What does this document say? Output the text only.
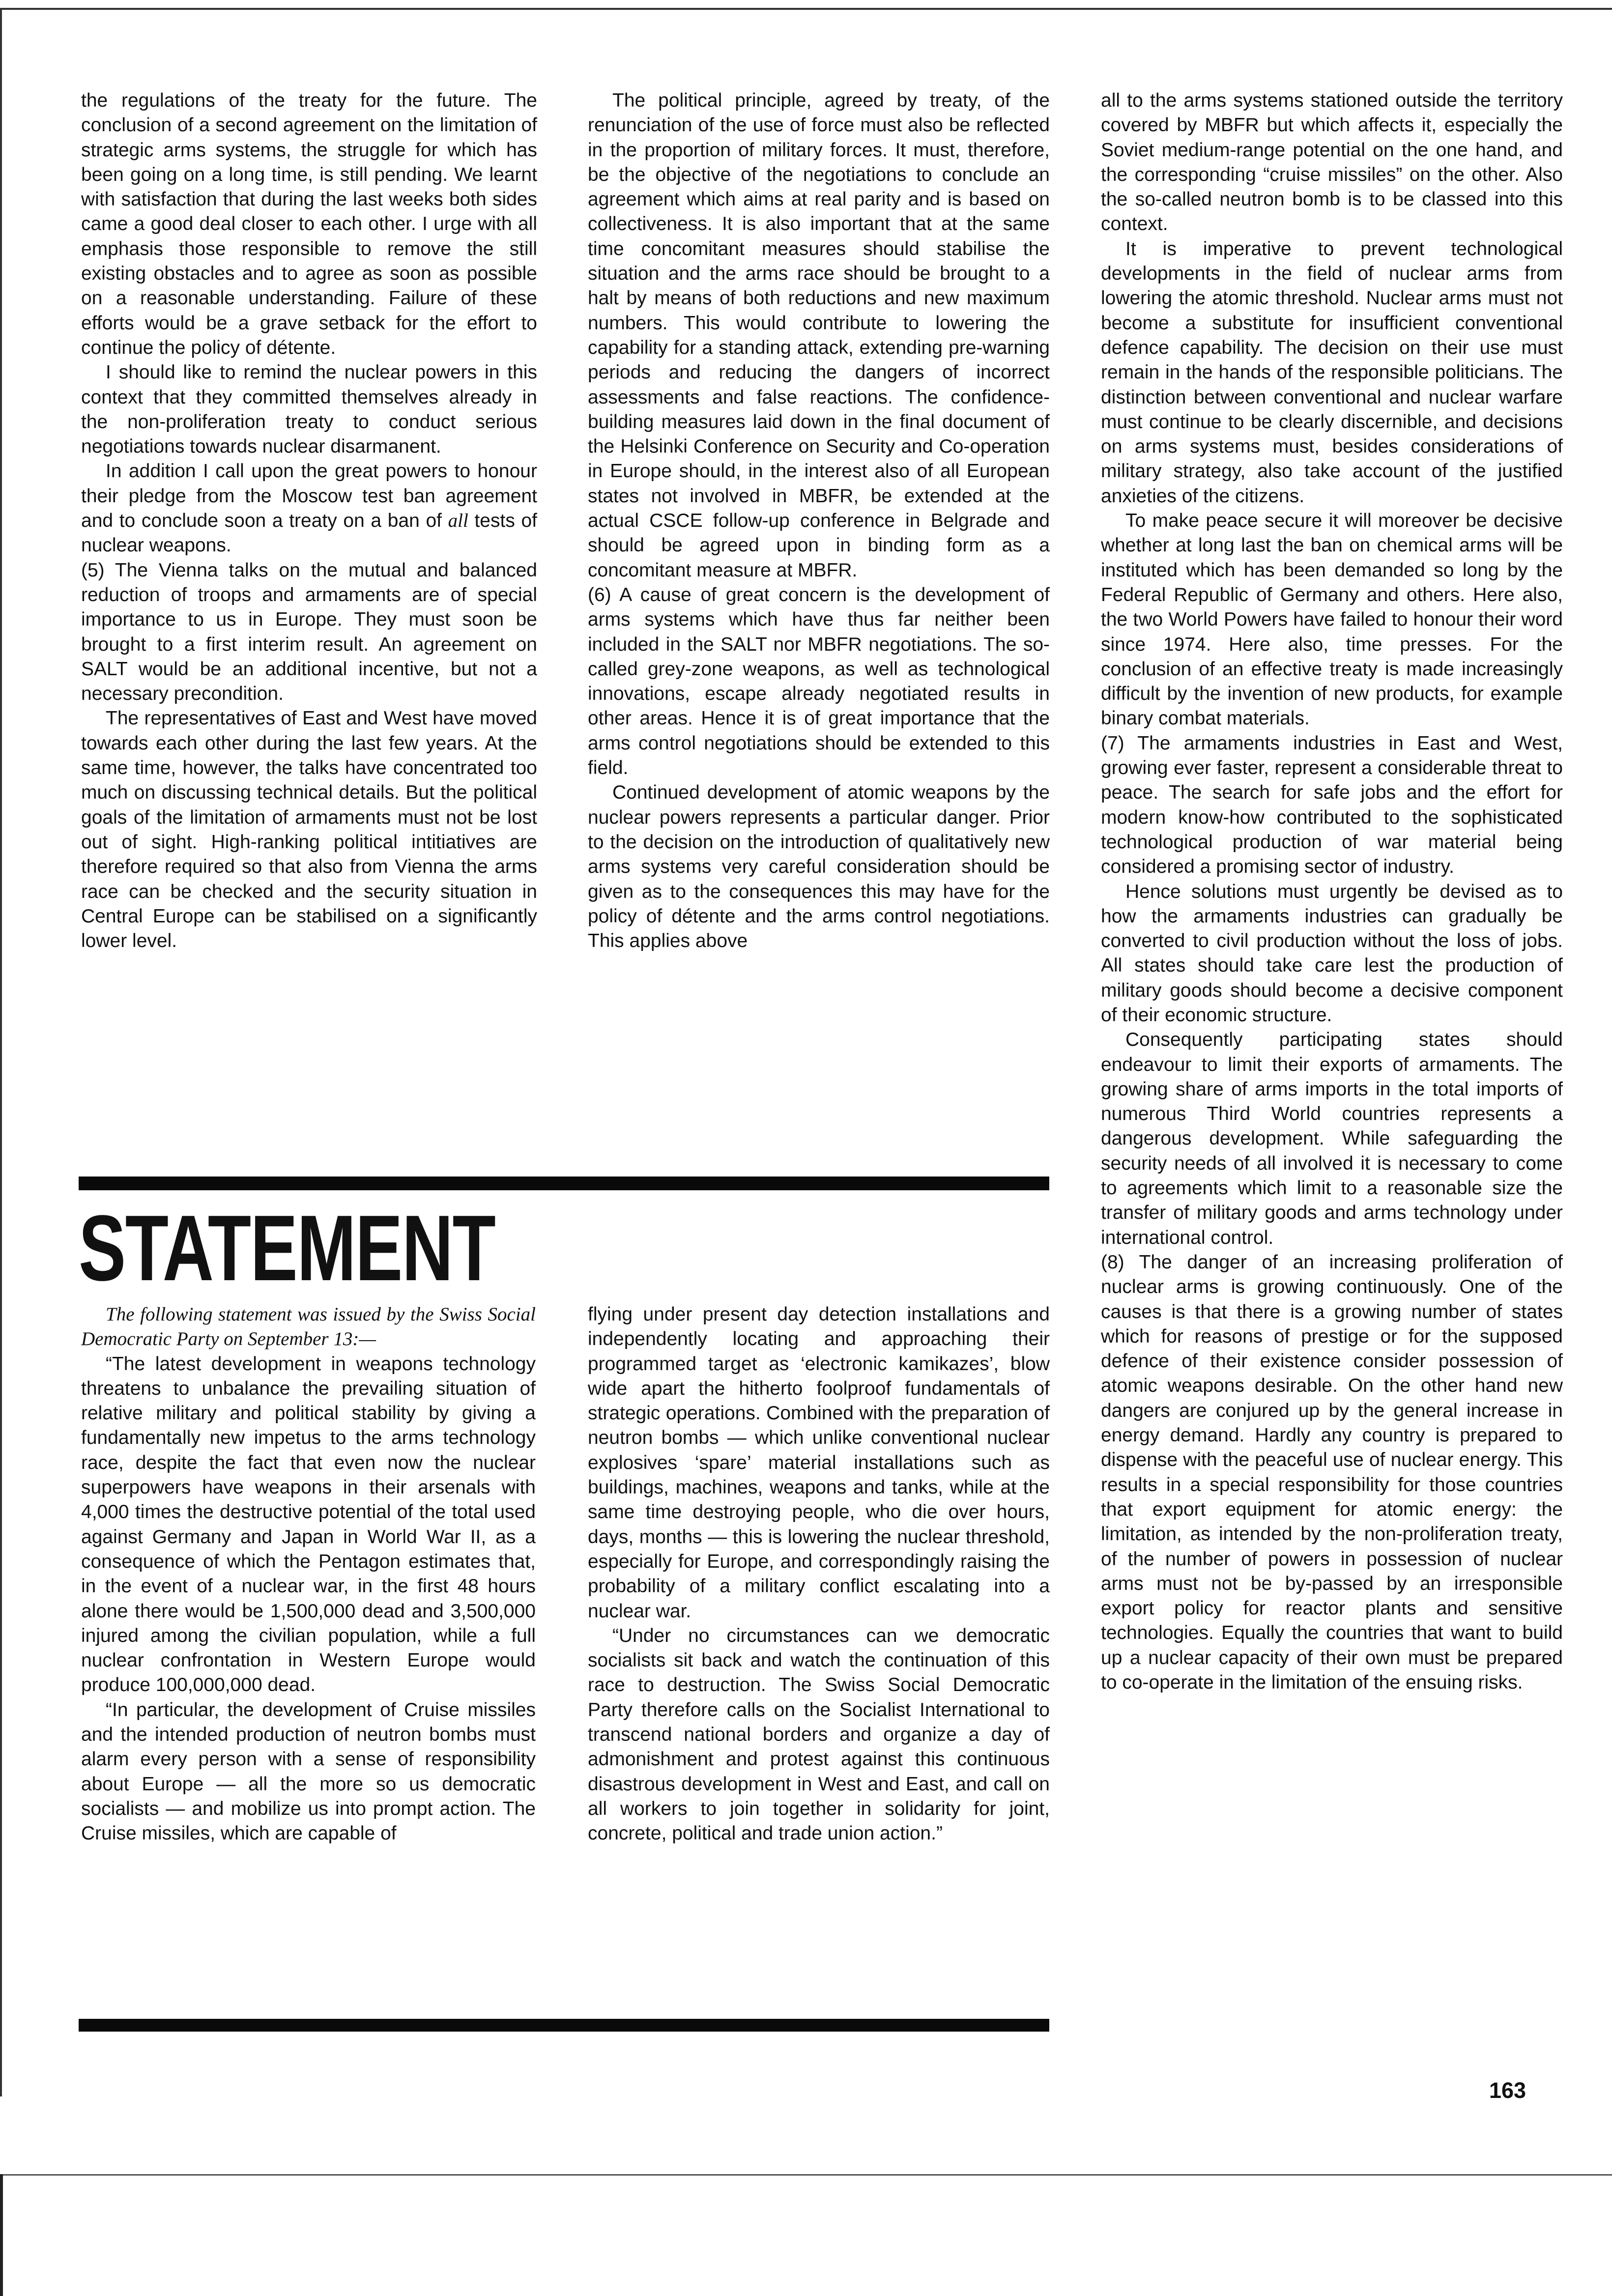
the regulations of the treaty for the future. The conclusion of a second agreement on the limitation of strategic arms systems, the struggle for which has been going on a long time, is still pending. We learnt with satisfaction that during the last weeks both sides came a good deal closer to each other. I urge with all emphasis those responsible to remove the still existing obstacles and to agree as soon as possible on a reasonable understanding. Failure of these efforts would be a grave setback for the effort to continue the policy of détente.

I should like to remind the nuclear powers in this context that they committed themselves already in the non-proliferation treaty to conduct serious negotiations towards nuclear disarmanent.

In addition I call upon the great powers to honour their pledge from the Moscow test ban agreement and to conclude soon a treaty on a ban of all tests of nuclear weapons.

(5) The Vienna talks on the mutual and balanced reduction of troops and armaments are of special importance to us in Europe. They must soon be brought to a first interim result. An agreement on SALT would be an additional incentive, but not a necessary precondition.

The representatives of East and West have moved towards each other during the last few years. At the same time, however, the talks have concentrated too much on discussing technical details. But the political goals of the limitation of armaments must not be lost out of sight. High-ranking political intitiatives are therefore required so that also from Vienna the arms race can be checked and the security situation in Central Europe can be stabilised on a significantly lower level.

The political principle, agreed by treaty, of the renunciation of the use of force must also be reflected in the proportion of military forces. It must, therefore, be the objective of the negotiations to conclude an agreement which aims at real parity and is based on collectiveness. It is also important that at the same time concomitant measures should stabilise the situation and the arms race should be brought to a halt by means of both reductions and new maximum numbers. This would contribute to lowering the capability for a standing attack, extending pre-warning periods and reducing the dangers of incorrect assessments and false reactions. The confidence-building measures laid down in the final document of the Helsinki Conference on Security and Co-operation in Europe should, in the interest also of all European states not involved in MBFR, be extended at the actual CSCE follow-up conference in Belgrade and should be agreed upon in binding form as a concomitant measure at MBFR.

(6) A cause of great concern is the development of arms systems which have thus far neither been included in the SALT nor MBFR negotiations. The so-called grey-zone weapons, as well as technological innovations, escape already negotiated results in other areas. Hence it is of great importance that the arms control negotiations should be extended to this field.

Continued development of atomic weapons by the nuclear powers represents a particular danger. Prior to the decision on the introduction of qualitatively new arms systems very careful consideration should be given as to the consequences this may have for the policy of détente and the arms control negotiations. This applies above

all to the arms systems stationed outside the territory covered by MBFR but which affects it, especially the Soviet medium-range potential on the one hand, and the corresponding “cruise missiles” on the other. Also the so-called neutron bomb is to be classed into this context.

It is imperative to prevent technological developments in the field of nuclear arms from lowering the atomic threshold. Nuclear arms must not become a substitute for insufficient conventional defence capability. The decision on their use must remain in the hands of the responsible politicians. The distinction between conventional and nuclear warfare must continue to be clearly discernible, and decisions on arms systems must, besides considerations of military strategy, also take account of the justified anxieties of the citizens.

To make peace secure it will moreover be decisive whether at long last the ban on chemical arms will be instituted which has been demanded so long by the Federal Republic of Germany and others. Here also, the two World Powers have failed to honour their word since 1974. Here also, time presses. For the conclusion of an effective treaty is made increasingly difficult by the invention of new products, for example binary combat materials.

(7) The armaments industries in East and West, growing ever faster, represent a considerable threat to peace. The search for safe jobs and the effort for modern know-how contributed to the sophisticated technological production of war material being considered a promising sector of industry.

Hence solutions must urgently be devised as to how the armaments industries can gradually be converted to civil production without the loss of jobs. All states should take care lest the production of military goods should become a decisive component of their economic structure.

Consequently participating states should endeavour to limit their exports of armaments. The growing share of arms imports in the total imports of numerous Third World countries represents a dangerous development. While safeguarding the security needs of all involved it is necessary to come to agreements which limit to a reasonable size the transfer of military goods and arms technology under international control.

(8) The danger of an increasing proliferation of nuclear arms is growing continuously. One of the causes is that there is a growing number of states which for reasons of prestige or for the supposed defence of their existence consider possession of atomic weapons desirable. On the other hand new dangers are conjured up by the general increase in energy demand. Hardly any country is prepared to dispense with the peaceful use of nuclear energy. This results in a special responsibility for those countries that export equipment for atomic energy: the limitation, as intended by the non-proliferation treaty, of the number of powers in possession of nuclear arms must not be by-passed by an irresponsible export policy for reactor plants and sensitive technologies. Equally the countries that want to build up a nuclear capacity of their own must be prepared to co-operate in the limitation of the ensuing risks.

STATEMENT

The following statement was issued by the Swiss Social Democratic Party on September 13:—

“The latest development in weapons technology threatens to unbalance the prevailing situation of relative military and political stability by giving a fundamentally new impetus to the arms technology race, despite the fact that even now the nuclear superpowers have weapons in their arsenals with 4,000 times the destructive potential of the total used against Germany and Japan in World War II, as a consequence of which the Pentagon estimates that, in the event of a nuclear war, in the first 48 hours alone there would be 1,500,000 dead and 3,500,000 injured among the civilian population, while a full nuclear confrontation in Western Europe would produce 100,000,000 dead.

“In particular, the development of Cruise missiles and the intended production of neutron bombs must alarm every person with a sense of responsibility about Europe — all the more so us democratic socialists — and mobilize us into prompt action. The Cruise missiles, which are capable of

flying under present day detection installations and independently locating and approaching their programmed target as ‘electronic kamikazes’, blow wide apart the hitherto foolproof fundamentals of strategic operations. Combined with the preparation of neutron bombs — which unlike conventional nuclear explosives ‘spare’ material installations such as buildings, machines, weapons and tanks, while at the same time destroying people, who die over hours, days, months — this is lowering the nuclear threshold, especially for Europe, and correspondingly raising the probability of a military conflict escalating into a nuclear war.

“Under no circumstances can we democratic socialists sit back and watch the continuation of this race to destruction. The Swiss Social Democratic Party therefore calls on the Socialist International to transcend national borders and organize a day of admonishment and protest against this continuous disastrous development in West and East, and call on all workers to join together in solidarity for joint, concrete, political and trade union action.”

163
